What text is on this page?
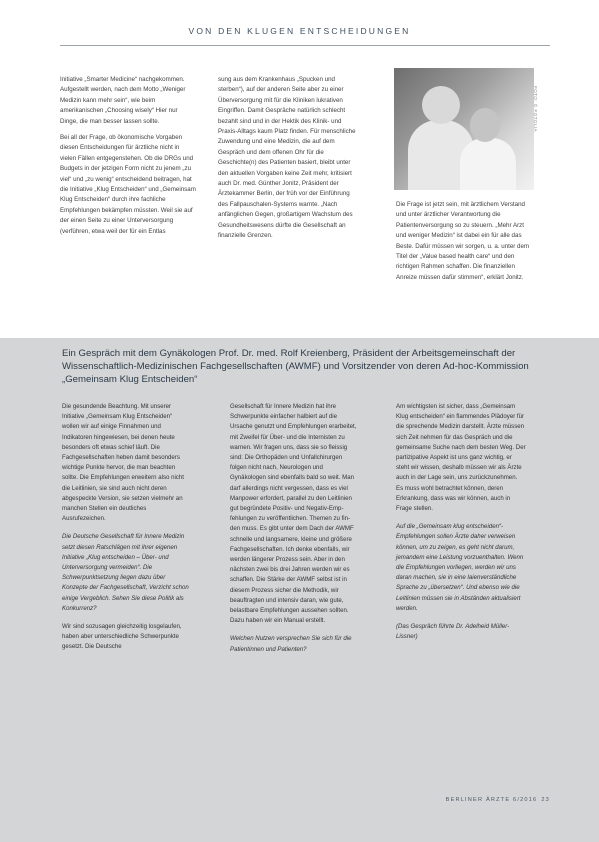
VON DEN KLUGEN ENTSCHEIDUNGEN

Initiative „Smarter Medicine“ nachgekommen. Aufgestellt werden, nach dem Motto „Weniger Medizin kann mehr sein“, wie beim amerikanischen „Choosing wisely“ Hier nur Dinge, die man besser lassen sollte.

Bei all der Frage, ob ökonomische Vorgaben diesen Entscheidungen für ärztliche nicht in vielen Fällen entgegenstehen. Ob die DRGs und Budgets in der jetzigen Form nicht zu jenem „zu viel“ und „zu wenig“ entscheidend beitragen, hat die Initiative „Klug Entscheiden“ und „Gemeinsam Klug Entscheiden“ durch ihre fachliche Empfehlungen bekämpfen müssten. Weil sie auf der einen Seite zu einer Unterversorgung (verführen, etwa weil der für ein Entlas

sung aus dem Krankenhaus „Spucken und sterben“), auf der anderen Seite aber zu einer Überversorgung mit für die Kliniken lukrativen Eingriffen. Damit Gespräche natürlich schlecht bezahlt sind und in der Hektik des Klinik- und Praxis-Alltags kaum Platz finden. Für menschliche Zuwendung und eine Medizin, die auf dem Gespräch und dem offenen Ohr für die Geschichte(n) des Patienten basiert, bleibt unter den aktuellen Vorgaben keine Zeit mehr, kritisiert auch Dr. med. Günther Jonitz, Präsident der Ärztekammer Berlin, der früh vor der Einführung des Fallpauschalen-Systems warnte. „Nach anfänglichen Gegen, großartigem Wachstum des Gesundheitswesens dürfte die Gesellschaft an finanzielle Grenzen.

FOTO: © FOTOLIA

Die Frage ist jetzt sein, mit ärztlichem Verstand und unter ärztlicher Verantwortung die Patientenversorgung so zu steuern. „Mehr Arzt und weniger Medizin“ ist dabei ein für alle das Beste. Dafür müssen wir sorgen, u. a. unter dem Titel der „Value based health care“ und den richtigen Rahmen schaffen. Die finanziellen Anreize müssen dafür stimmen“, erklärt Jonitz.

Ein Gespräch mit dem Gynäkologen Prof. Dr. med. Rolf Kreienberg, Präsident der Arbeitsgemeinschaft der Wissenschaftlich-Medizinischen Fachgesellschaften (AWMF) und Vorsitzender von deren Ad-hoc-Kommission „Gemeinsam Klug Entscheiden“

Die gesundende Beachtung. Mit unserer Initiative „Gemeinsam Klug Entscheiden“ wollen wir auf einige Finnahmen und Indikatoren hingewiesen, bei denen heute besonders oft etwas schief läuft. Die Fachgesellschaften heben damit besonders wichtige Punkte hervor, die man beachten sollte. Die Empfehlungen erweitern also nicht die Leitlinien, sie sind auch nicht deren abgespeckte Version, sie setzen vielmehr an manchen Stellen ein deutliches Ausrufezeichen.

Die Deutsche Gesellschaft für Innere Medizin setzt diesen Ratschlägen mit ihrer eigenen Initiative „Klug entscheiden – Über- und Unterversorgung vermeiden“. Die Schwerpunktsetzung liegen dazu über Konzepte der Fachgesellschaft, Verzicht schon einige Vergeblich. Sehen Sie diese Politik als Konkurrenz?

Wir sind sozusagen gleichzeitig losgelaufen, haben aber unterschiedliche Schwerpunkte gesetzt. Die Deutsche

Gesellschaft für Innere Medizin hat ihre Schwerpunkte einfacher halbiert auf die Ursache genutzt und Empfehlungen erarbeitet, mit Zweifel für Über- und die Internisten zu warnen. Wir fragen uns, dass sie so fleissig sind: Die Orthopäden und Unfallchirurgen folgen nicht nach, Neurologen und Gynäkologen sind ebenfalls bald so weit. Man darf allerdings nicht vergessen, dass es viel Manpower erfordert, parallel zu den Leitlinien gut begründete Positiv- und Negativ-Empfehlungen zu veröffentlichen. Themen zu finden muss. Es gibt unter dem Dach der AWMF schnelle und langsamere, kleine und größere Fachgesellschaften. Ich denke ebenfalls, wir werden längerer Prozess sein. Aber in den nächsten zwei bis drei Jahren werden wir es schaffen. Die Stärke der AWMF selbst ist in diesem Prozess sicher die Methodik, wir beauftragten und intensiv daran, wie gute, belastbare Empfehlungen aussehen sollten. Dazu haben wir ein Manual erstellt.

Welchen Nutzen versprechen Sie sich für die Patientinnen und Patienten?

Am wichtigsten ist sicher, dass „Gemeinsam Klug entscheiden“ ein flammendes Plädoyer für die sprechende Medizin darstellt. Ärzte müssen sich Zeit nehmen für das Gespräch und die gemeinsame Suche nach dem besten Weg. Der partizipative Aspekt ist uns ganz wichtig, er steht wir wissen, deshalb müssen wir als Ärzte auch in der Lage sein, uns zurückzunehmen. Es muss wohl betrachtet können, deren Erkrankung, dass was wir können, auch in Frage stellen.

Auf die „Gemeinsam klug entscheiden“-Empfehlungen sollen Ärzte daher verweisen können, um zu zeigen, es geht nicht darum, jemandem eine Leistung vorzuenthalten. Wenn die Empfehlungen vorliegen, werden wir uns daran machen, sie in eine laienverständliche Sprache zu „übersetzen“. Und ebenso wie die Leitlinien müssen sie in Abständen aktualisiert werden.

(Das Gespräch führte Dr. Adelheid Müller-Lissner)

BERLINER ÄRZTE 6/2016 23
